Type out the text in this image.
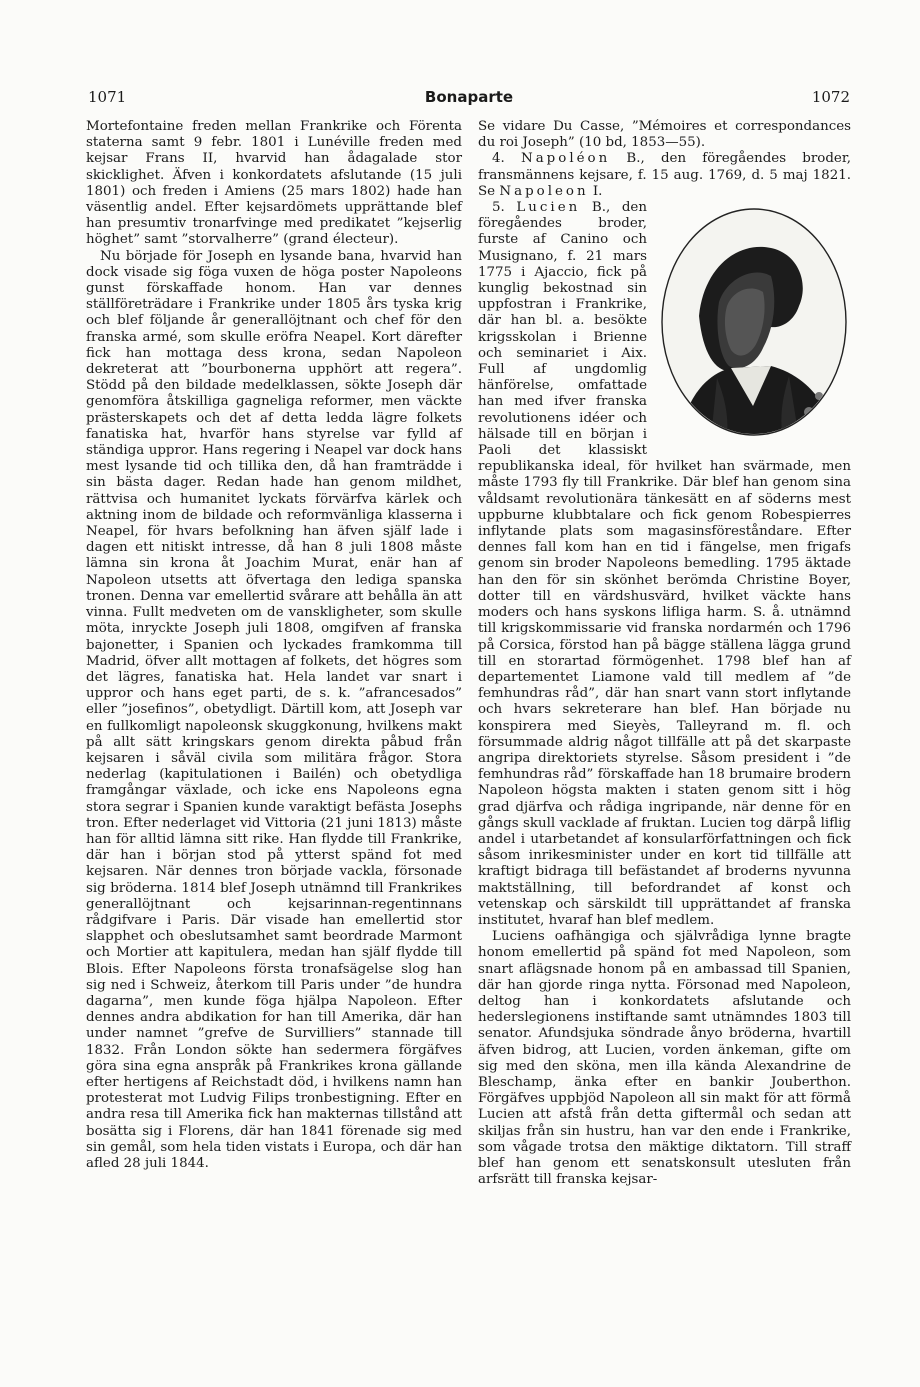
1071	Bonaparte	1072

Mortefontaine freden mellan Frankrike och Förenta staterna samt 9 febr. 1801 i Lunéville freden med kejsar Frans II, hvarvid han ådagalade stor skicklighet. Äfven i konkordatets afslutande (15 juli 1801) och freden i Amiens (25 mars 1802) hade han väsentlig andel. Efter kejsardömets upprättande blef han presumtiv tronarfvinge med predikatet ”kejserlig höghet” samt ”storvalherre” (grand électeur).

Nu började för Joseph en lysande bana, hvarvid han dock visade sig föga vuxen de höga poster Napoleons gunst förskaffade honom. Han var dennes ställföreträdare i Frankrike under 1805 års tyska krig och blef följande år generallöjtnant och chef för den franska armé, som skulle eröfra Neapel. Kort därefter fick han mottaga dess krona, sedan Napoleon dekreterat att ”bourbonerna upphört att regera”. Stödd på den bildade medelklassen, sökte Joseph där genomföra åtskilliga gagneliga reformer, men väckte prästerskapets och det af detta ledda lägre folkets fanatiska hat, hvarför hans styrelse var fylld af ständiga uppror. Hans regering i Neapel var dock hans mest lysande tid och tillika den, då han framträdde i sin bästa dager. Redan hade han genom mildhet, rättvisa och humanitet lyckats förvärfva kärlek och aktning inom de bildade och reformvänliga klasserna i Neapel, för hvars befolkning han äfven själf lade i dagen ett nitiskt intresse, då han 8 juli 1808 måste lämna sin krona åt Joachim Murat, enär han af Napoleon utsetts att öfvertaga den lediga spanska tronen. Denna var emellertid svårare att behålla än att vinna. Fullt medveten om de vanskligheter, som skulle möta, inryckte Joseph juli 1808, omgifven af franska bajonetter, i Spanien och lyckades framkomma till Madrid, öfver allt mottagen af folkets, det högres som det lägres, fanatiska hat. Hela landet var snart i uppror och hans eget parti, de s. k. ”afrancesados” eller ”josefinos”, obetydligt. Därtill kom, att Joseph var en fullkomligt napoleonsk skuggkonung, hvilkens makt på allt sätt kringskars genom direkta påbud från kejsaren i såväl civila som militära frågor. Stora nederlag (kapitulationen i Bailén) och obetydliga framgångar växlade, och icke ens Napoleons egna stora segrar i Spanien kunde varaktigt befästa Josephs tron. Efter nederlaget vid Vittoria (21 juni 1813) måste han för alltid lämna sitt rike. Han flydde till Frankrike, där han i början stod på ytterst spänd fot med kejsaren. När dennes tron började vackla, försonade sig bröderna. 1814 blef Joseph utnämnd till Frankrikes generallöjtnant och kejsarinnan-regentinnans rådgifvare i Paris. Där visade han emellertid stor slapphet och obeslutsamhet samt beordrade Marmont och Mortier att kapitulera, medan han själf flydde till Blois. Efter Napoleons första tronafsägelse slog han sig ned i Schweiz, återkom till Paris under ”de hundra dagarna”, men kunde föga hjälpa Napoleon. Efter dennes andra abdikation for han till Amerika, där han under namnet ”grefve de Survilliers” stannade till 1832. Från London sökte han sedermera förgäfves göra sina egna anspråk på Frankrikes krona gällande efter hertigens af Reichstadt död, i hvilkens namn han protesterat mot Ludvig Filips tronbestigning. Efter en andra resa till Amerika fick han makternas tillstånd att bosätta sig i Florens, där han 1841 förenade sig med sin gemål, som hela tiden vistats i Europa, och där han afled 28 juli 1844.

Se vidare Du Casse, ”Mémoires et correspondances du roi Joseph” (10 bd, 1853—55).

4. Napoléon B., den föregåendes broder, fransmännens kejsare, f. 15 aug. 1769, d. 5 maj 1821. Se Napoleon I.

5. Lucien B., den föregåendes broder, furste af Canino och Musignano, f. 21 mars 1775 i Ajaccio, fick på kunglig bekostnad sin uppfostran i Frankrike, där han bl. a. besökte krigsskolan i Brienne och seminariet i Aix. Full af ungdomlig hänförelse, omfattade han med ifver franska revolutionens idéer och hälsade till en början i Paoli det klassiskt republikanska ideal, för hvilket han svärmade, men måste 1793 fly till Frankrike. Där blef han genom sina våldsamt revolutionära tänkesätt en af söderns mest uppburne klubbtalare och fick genom Robespierres inflytande plats som magasinsföreståndare. Efter dennes fall kom han en tid i fängelse, men frigafs genom sin broder Napoleons bemedling. 1795 äktade han den för sin skönhet berömda Christine Boyer, dotter till en värdshusvärd, hvilket väckte hans moders och hans syskons lifliga harm. S. å. utnämnd till krigskommissarie vid franska nordarmén och 1796 på Corsica, förstod han på bägge ställena lägga grund till en storartad förmögenhet. 1798 blef han af departementet Liamone vald till medlem af ”de femhundras råd”, där han snart vann stort inflytande och hvars sekreterare han blef. Han började nu konspirera med Sieyès, Talleyrand m. fl. och försummade aldrig något tillfälle att på det skarpaste angripa direktoriets styrelse. Såsom president i ”de femhundras råd” förskaffade han 18 brumaire brodern Napoleon högsta makten i staten genom sitt i hög grad djärfva och rådiga ingripande, när denne för en gångs skull vacklade af fruktan. Lucien tog därpå liflig andel i utarbetandet af konsularförfattningen och fick såsom inrikesminister under en kort tid tillfälle att kraftigt bidraga till befästandet af broderns nyvunna maktställning, till befordrandet af konst och vetenskap och särskildt till upprättandet af franska institutet, hvaraf han blef medlem.

Luciens oafhängiga och självrådiga lynne bragte honom emellertid på spänd fot med Napoleon, som snart aflägsnade honom på en ambassad till Spanien, där han gjorde ringa nytta. Försonad med Napoleon, deltog han i konkordatets afslutande och hederslegionens instiftande samt utnämndes 1803 till senator. Afundsjuka söndrade ånyo bröderna, hvartill äfven bidrog, att Lucien, vorden änkeman, gifte om sig med den sköna, men illa kända Alexandrine de Bleschamp, änka efter en bankir Jouberthon. Förgäfves uppbjöd Napoleon all sin makt för att förmå Lucien att afstå från detta giftermål och sedan att skiljas från sin hustru, han var den ende i Frankrike, som vågade trotsa den mäktige diktatorn. Till straff blef han genom ett senatskonsult utesluten från arfsrätt till franska kejsar-
